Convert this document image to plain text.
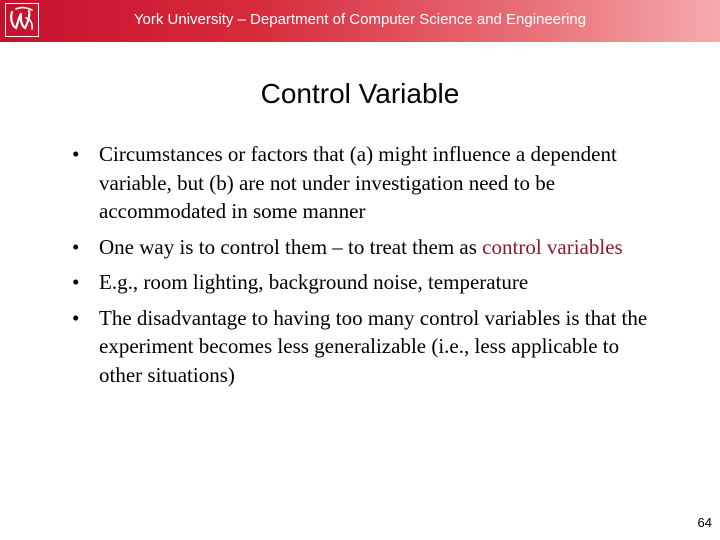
York University – Department of Computer Science and Engineering
Control Variable
• Circumstances or factors that (a) might influence a dependent variable, but (b) are not under investigation need to be accommodated in some manner
• One way is to control them – to treat them as control variables
• E.g., room lighting, background noise, temperature
• The disadvantage to having too many control variables is that the experiment becomes less generalizable (i.e., less applicable to other situations)
64
